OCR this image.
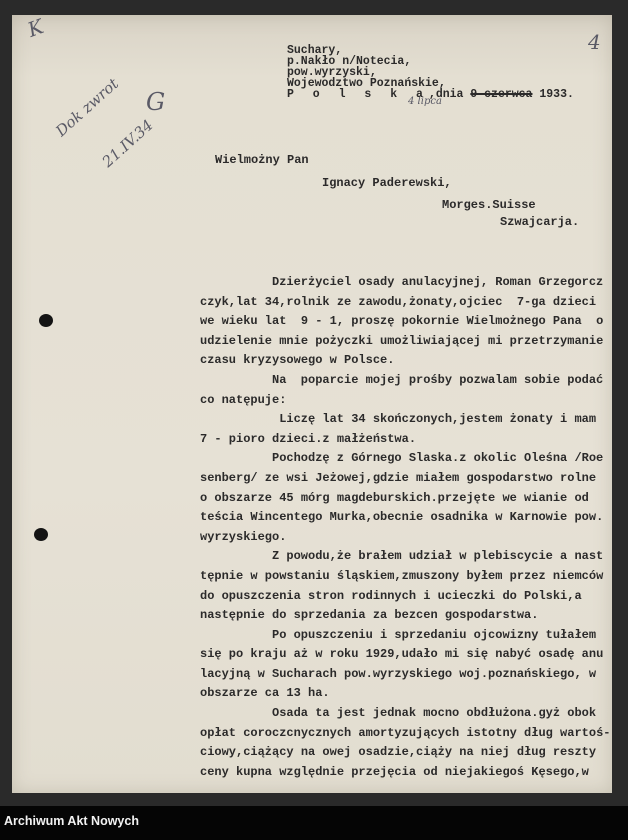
K
4
G

Dok zwrot

21.IV.34

4 lipca
Suchary,
p.Nakło n/Notecia,
pow.wyrzyski,
Wojewodztwo Poznańskie,
P o l s k a,dnia 9 czerwca 1933.
Wielmożny Pan
Ignacy Paderewski,
Morges.Suisse
Szwajcarja.
Dzierżyciel osady anulacyjnej, Roman Grzegorcz
czyk,lat 34,rolnik ze zawodu,żonaty,ojciec  7-ga dzieci
we wieku lat  9 - 1, proszę pokornie Wielmożnego Pana  o
udzielenie mnie pożyczki umożliwiającej mi przetrzymanie
czasu kryzysowego w Polsce.
Na  poparcie mojej prośby pozwalam sobie podać
co natępuje:
Liczę lat 34 skończonych,jestem żonaty i mam
7 - pioro dzieci.z małżeństwa.
Pochodzę z Górnego Slaska.z okolic Oleśna /Roe
senberg/ ze wsi Jeżowej,gdzie miałem gospodarstwo rolne
o obszarze 45 mórg magdeburskich.przejęte we wianie od
teścia Wincentego Murka,obecnie osadnika w Karnowie pow.
wyrzyskiego.
Z powodu,że brałem udział w plebiscycie a nast
tępnie w powstaniu śląskiem,zmuszony byłem przez niemców
do opuszczenia stron rodinnych i ucieczki do Polski,a
następnie do sprzedania za bezcen gospodarstwa.
Po opuszczeniu i sprzedaniu ojcowizny tułałem
się po kraju aż w roku 1929,udało mi się nabyć osadę anu
lacyjną w Sucharach pow.wyrzyskiego woj.poznańskiego, w
obszarze ca 13 ha.
Osada ta jest jednak mocno obdłużona.gyż obok
opłat coroczcnycznych amortyzujących istotny dług wartoś-
ciowy,ciążący na owej osadzie,ciąży na niej dług reszty
ceny kupna względnie przejęcia od niejakiegoś Kęsego,w
Archiwum Akt Nowych
